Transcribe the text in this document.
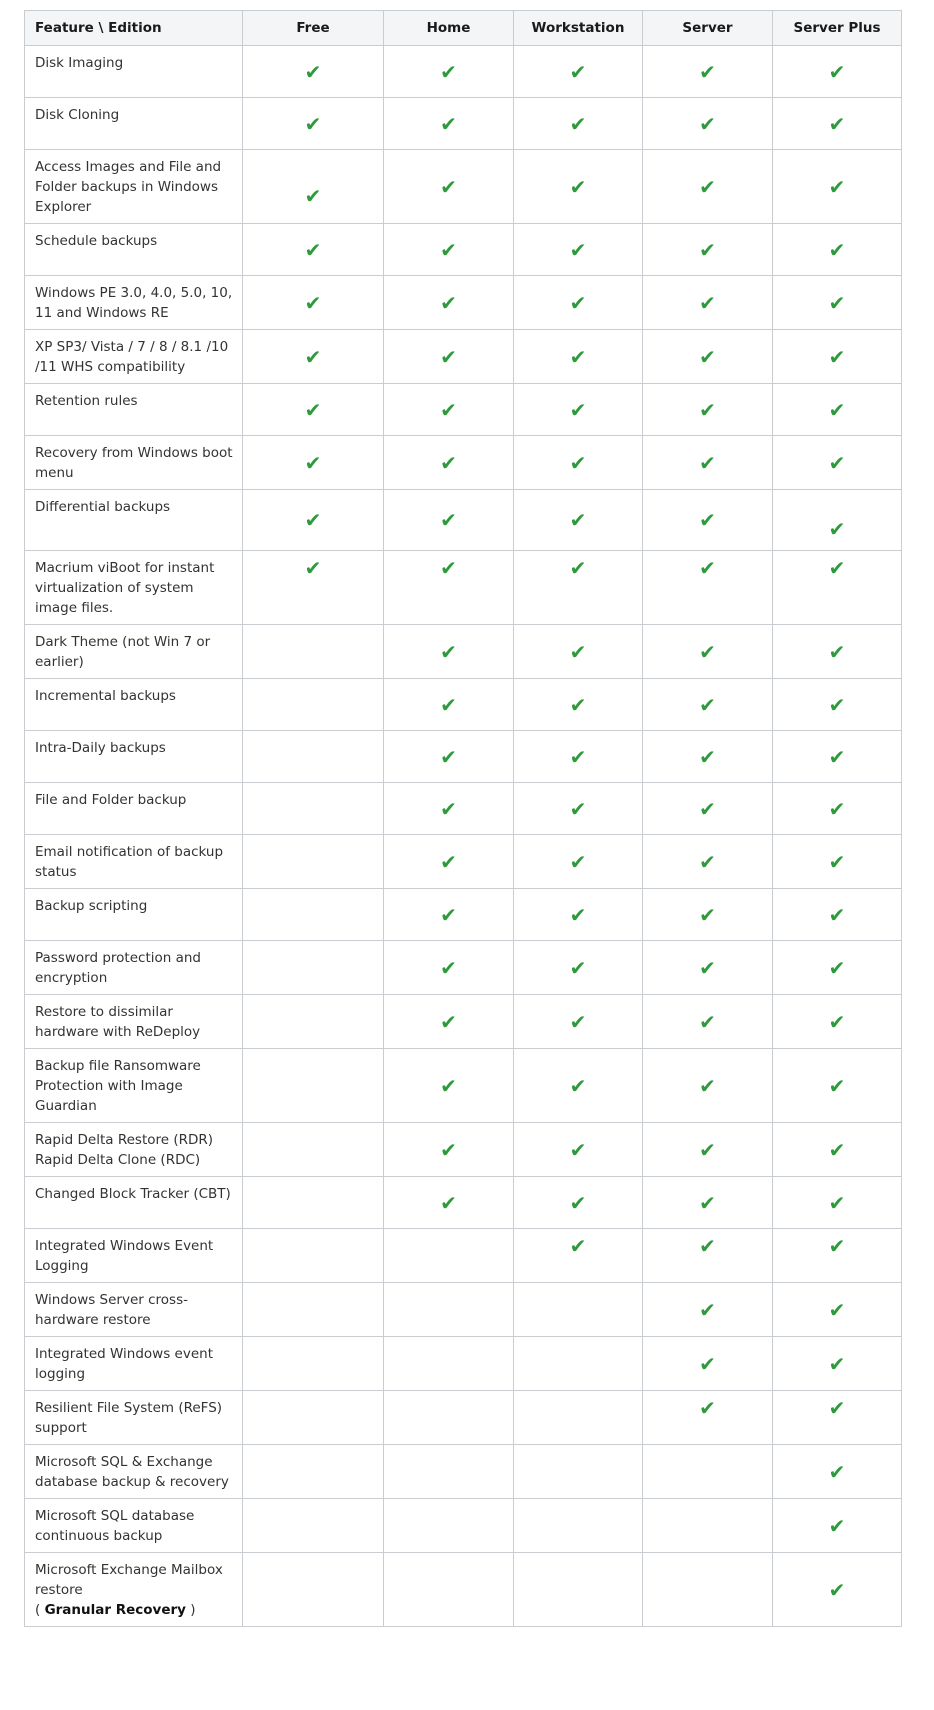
Feature \ Edition	Free	Home	Workstation	Server	Server Plus
Disk Imaging	✔	✔	✔	✔	✔

Disk Cloning	✔	✔	✔	✔	✔

Access Images and File and Folder backups in Windows Explorer	✔	✔	✔	✔	✔

Schedule backups	✔	✔	✔	✔	✔

Windows PE 3.0, 4.0, 5.0, 10, 11 and Windows RE	✔	✔	✔	✔	✔

XP SP3/ Vista / 7 / 8 / 8.1 /10 /11 WHS compatibility	✔	✔	✔	✔	✔

Retention rules	✔	✔	✔	✔	✔

Recovery from Windows boot menu	✔	✔	✔	✔	✔

Differential backups	✔	✔	✔	✔	✔

Macrium viBoot for instant virtualization of system image files.	✔	✔	✔	✔	✔

Dark Theme (not Win 7 or earlier)		✔	✔	✔	✔

Incremental backups		✔	✔	✔	✔

Intra-Daily backups		✔	✔	✔	✔

File and Folder backup		✔	✔	✔	✔

Email notification of backup status		✔	✔	✔	✔

Backup scripting		✔	✔	✔	✔

Password protection and encryption		✔	✔	✔	✔

Restore to dissimilar hardware with ReDeploy		✔	✔	✔	✔

Backup file Ransomware Protection with Image Guardian		✔	✔	✔	✔

Rapid Delta Restore (RDR) Rapid Delta Clone (RDC)		✔	✔	✔	✔

Changed Block Tracker (CBT)		✔	✔	✔	✔

Integrated Windows Event Logging			✔	✔	✔

Windows Server cross-hardware restore				✔	✔

Integrated Windows event logging				✔	✔

Resilient File System (ReFS) support				✔	✔

Microsoft SQL & Exchange database backup & recovery					✔

Microsoft SQL database continuous backup					✔

Microsoft Exchange Mailbox restore
( Granular Recovery )					✔
